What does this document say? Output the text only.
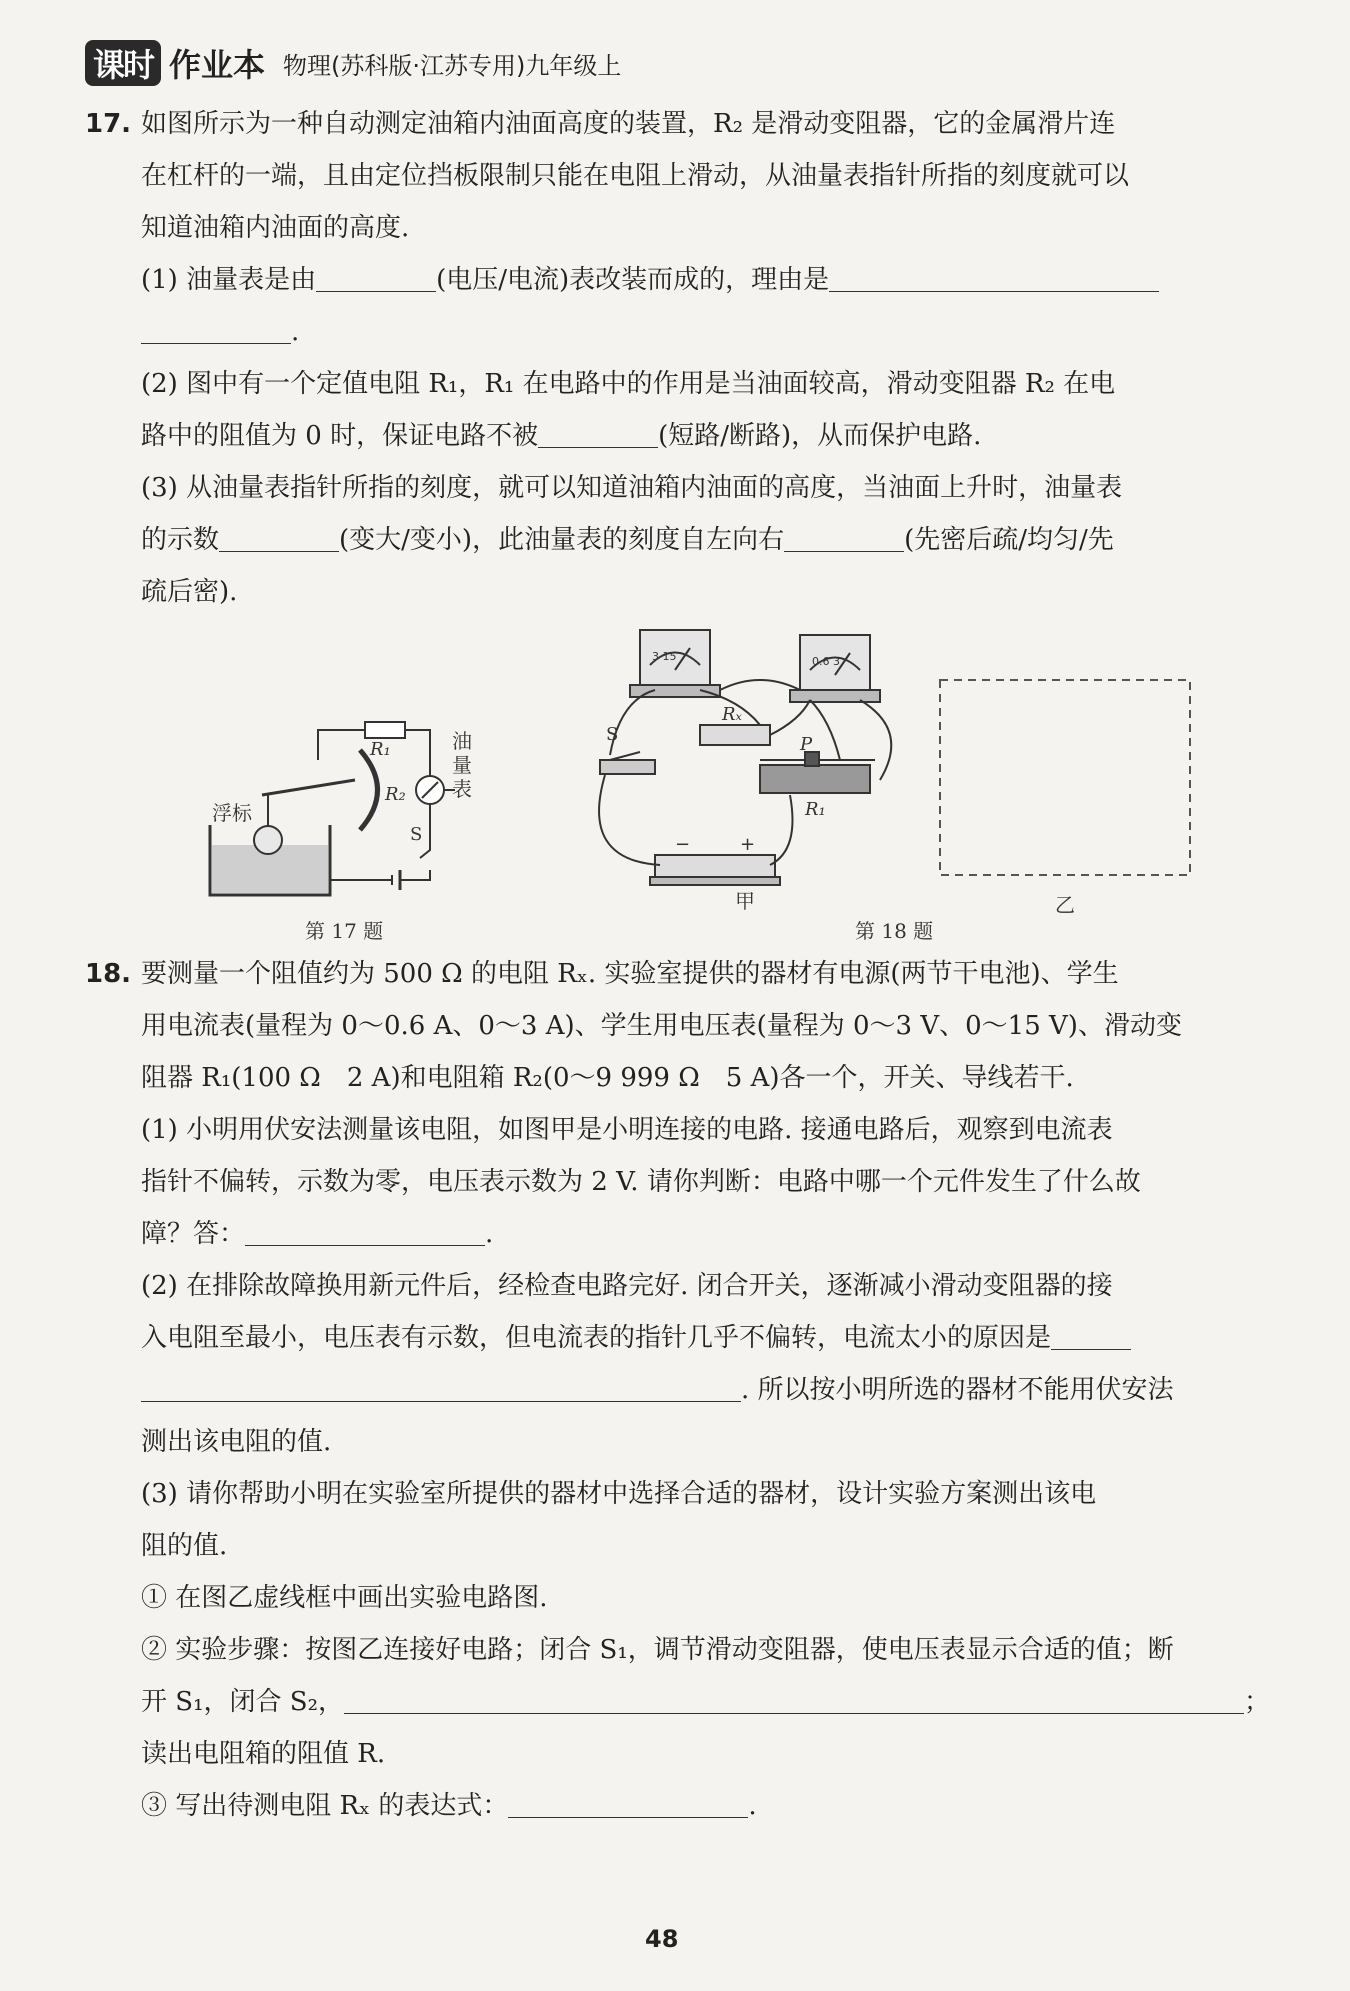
课时 作业本 物理(苏科版·江苏专用)九年级上
17. 如图所示为一种自动测定油箱内油面高度的装置，R₂ 是滑动变阻器，它的金属滑片连
在杠杆的一端，且由定位挡板限制只能在电阻上滑动，从油量表指针所指的刻度就可以
知道油箱内油面的高度.
(1) 油量表是由	(电压/电流)表改装而成的，理由是
.
(2) 图中有一个定值电阻 R₁，R₁ 在电路中的作用是当油面较高，滑动变阻器 R₂ 在电
路中的阻值为 0 时，保证电路不被	(短路/断路)，从而保护电路.
(3) 从油量表指针所指的刻度，就可以知道油箱内油面的高度，当油面上升时，油量表
的示数	(变大/变小)，此油量表的刻度自左向右	(先密后疏/均匀/先
疏后密).
浮标
油
量
表
R₁
R₂
S
S
Rₓ
P
R₁
3 15	0.6 3
−	+
甲	乙
第 17 题	第 18 题
18. 要测量一个阻值约为 500 Ω 的电阻 Rₓ. 实验室提供的器材有电源(两节干电池)、学生
用电流表(量程为 0～0.6 A、0～3 A)、学生用电压表(量程为 0～3 V、0～15 V)、滑动变
阻器 R₁(100 Ω　2 A)和电阻箱 R₂(0～9 999 Ω　5 A)各一个，开关、导线若干.
(1) 小明用伏安法测量该电阻，如图甲是小明连接的电路. 接通电路后，观察到电流表
指针不偏转，示数为零，电压表示数为 2 V. 请你判断：电路中哪一个元件发生了什么故
障？答：	.
(2) 在排除故障换用新元件后，经检查电路完好. 闭合开关，逐渐减小滑动变阻器的接
入电阻至最小，电压表有示数，但电流表的指针几乎不偏转，电流太小的原因是
. 所以按小明所选的器材不能用伏安法
测出该电阻的值.
(3) 请你帮助小明在实验室所提供的器材中选择合适的器材，设计实验方案测出该电
阻的值.
① 在图乙虚线框中画出实验电路图.
② 实验步骤：按图乙连接好电路；闭合 S₁，调节滑动变阻器，使电压表显示合适的值；断
开 S₁，闭合 S₂，	；
读出电阻箱的阻值 R.
③ 写出待测电阻 Rₓ 的表达式：	.
48
